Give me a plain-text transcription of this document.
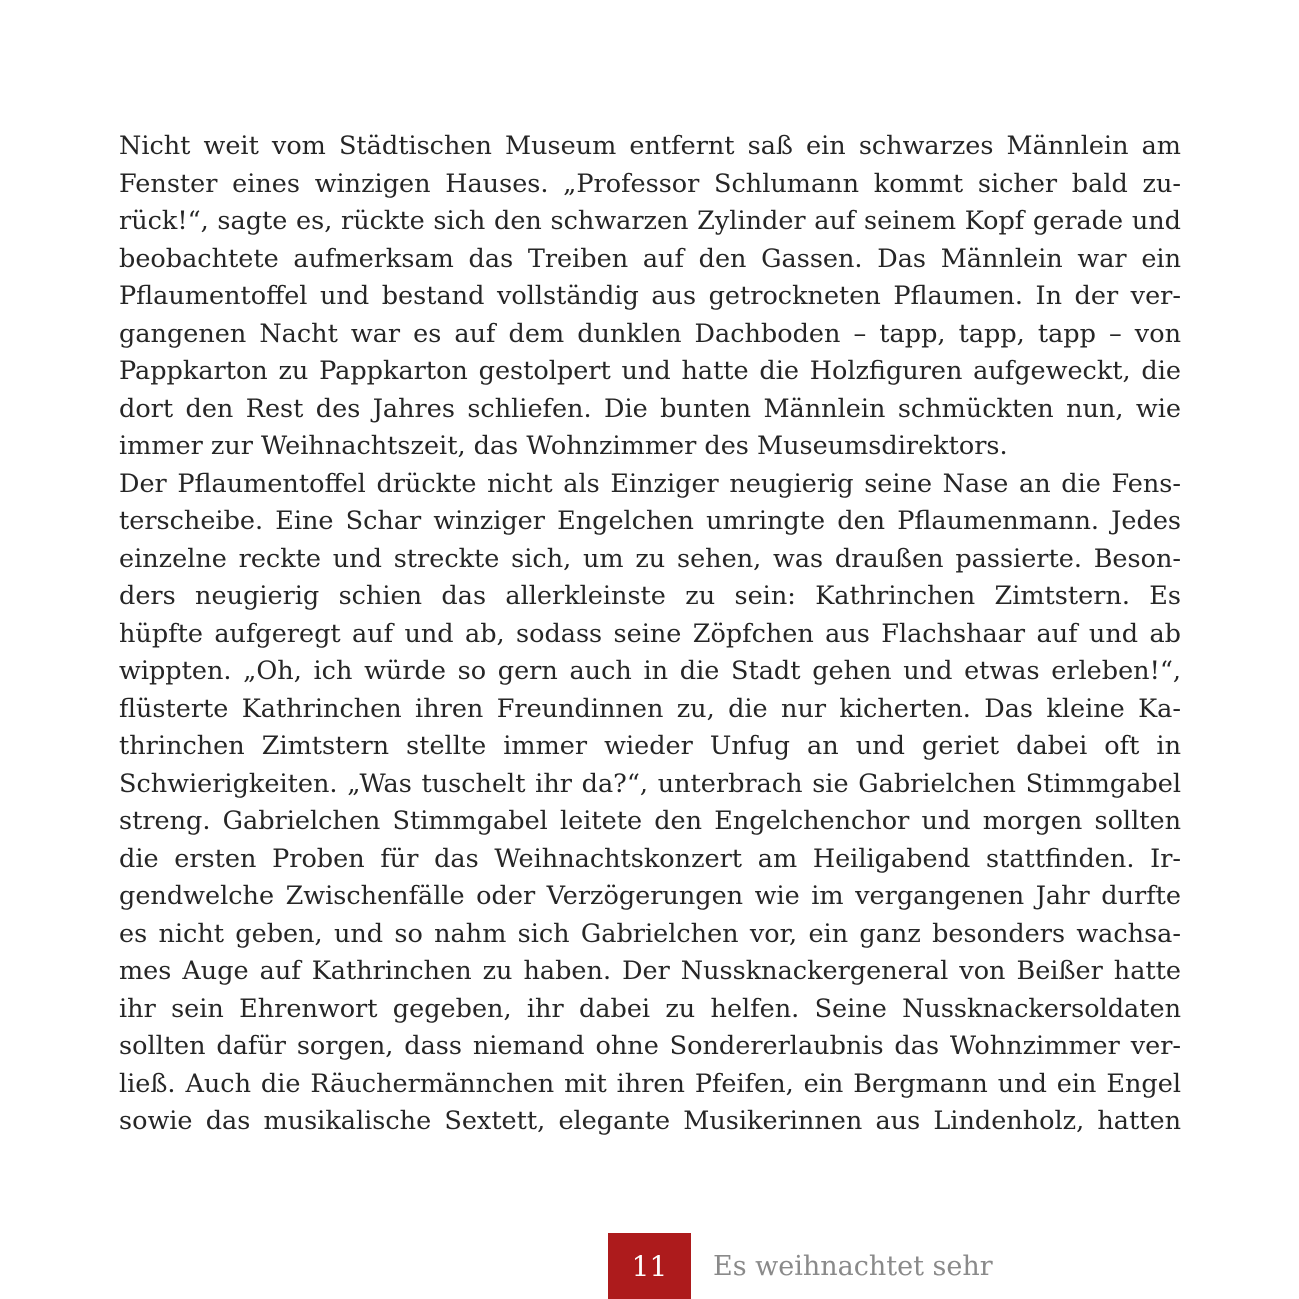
Nicht weit vom Städtischen Museum entfernt saß ein schwarzes Männlein am
Fenster eines winzigen Hauses. „Professor Schlumann kommt sicher bald zu-
rück!“, sagte es, rückte sich den schwarzen Zylinder auf seinem Kopf gerade und
beobachtete aufmerksam das Treiben auf den Gassen. Das Männlein war ein
Pflaumentoffel und bestand vollständig aus getrockneten Pflaumen. In der ver-
gangenen Nacht war es auf dem dunklen Dachboden – tapp, tapp, tapp – von
Pappkarton zu Pappkarton gestolpert und hatte die Holzfiguren aufgeweckt, die
dort den Rest des Jahres schliefen. Die bunten Männlein schmückten nun, wie
immer zur Weihnachtszeit, das Wohnzimmer des Museumsdirektors.
Der Pflaumentoffel drückte nicht als Einziger neugierig seine Nase an die Fens-
terscheibe. Eine Schar winziger Engelchen umringte den Pflaumenmann. Jedes
einzelne reckte und streckte sich, um zu sehen, was draußen passierte. Beson-
ders neugierig schien das allerkleinste zu sein: Kathrinchen Zimtstern. Es
hüpfte aufgeregt auf und ab, sodass seine Zöpfchen aus Flachshaar auf und ab
wippten. „Oh, ich würde so gern auch in die Stadt gehen und etwas erleben!“,
flüsterte Kathrinchen ihren Freundinnen zu, die nur kicherten. Das kleine Ka-
thrinchen Zimtstern stellte immer wieder Unfug an und geriet dabei oft in
Schwierigkeiten. „Was tuschelt ihr da?“, unterbrach sie Gabrielchen Stimmgabel
streng. Gabrielchen Stimmgabel leitete den Engelchenchor und morgen sollten
die ersten Proben für das Weihnachtskonzert am Heiligabend stattfinden. Ir-
gendwelche Zwischenfälle oder Verzögerungen wie im vergangenen Jahr durfte
es nicht geben, und so nahm sich Gabrielchen vor, ein ganz besonders wachsa-
mes Auge auf Kathrinchen zu haben. Der Nussknackergeneral von Beißer hatte
ihr sein Ehrenwort gegeben, ihr dabei zu helfen. Seine Nussknackersoldaten
sollten dafür sorgen, dass niemand ohne Sondererlaubnis das Wohnzimmer ver-
ließ. Auch die Räuchermännchen mit ihren Pfeifen, ein Bergmann und ein Engel
sowie das musikalische Sextett, elegante Musikerinnen aus Lindenholz, hatten
11	Es weihnachtet sehr
